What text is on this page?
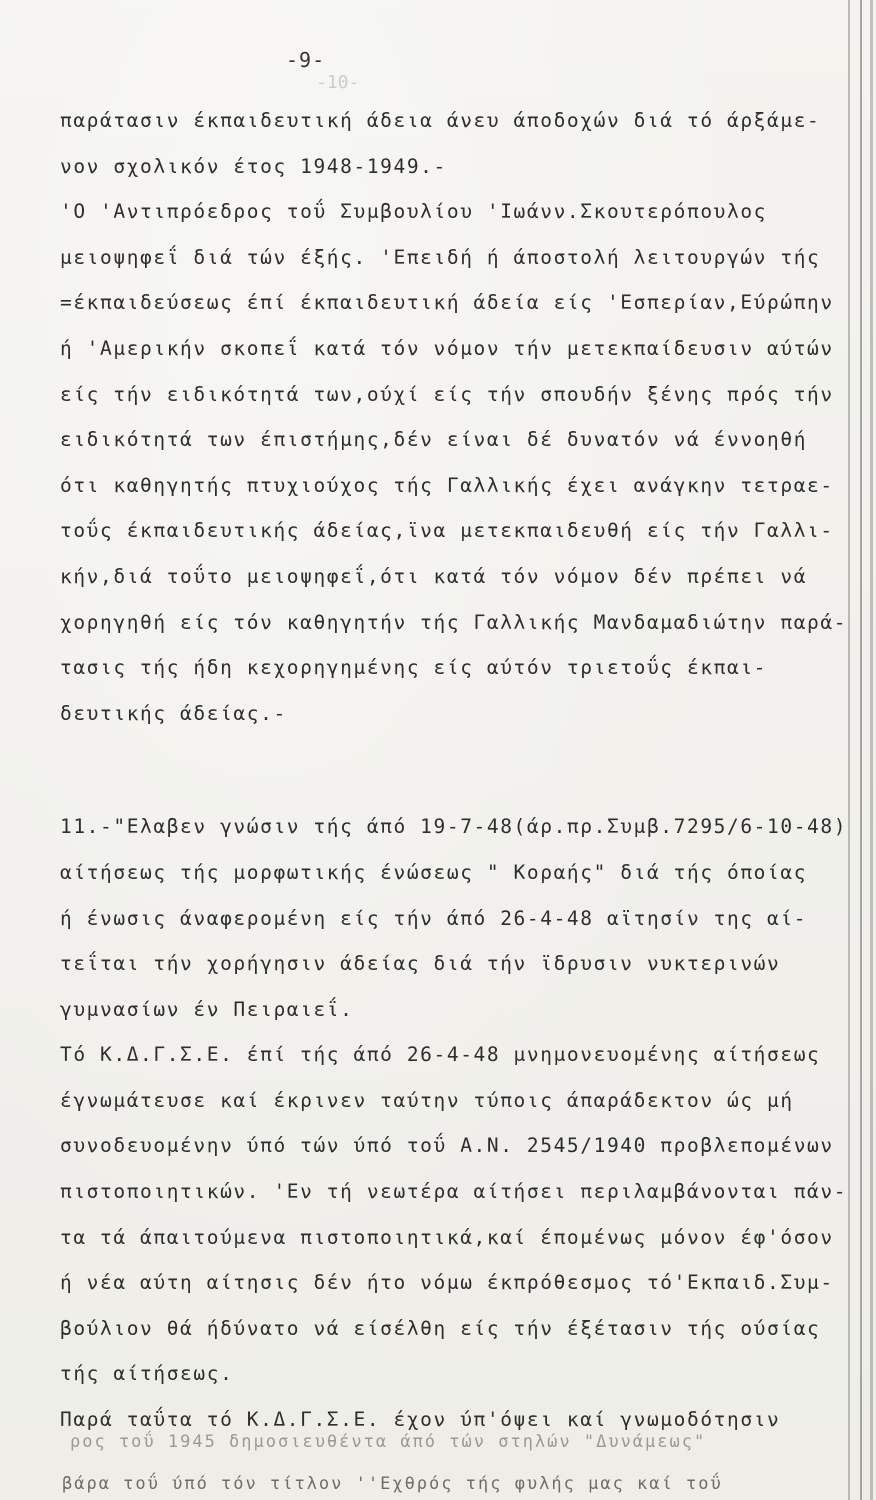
-10-
-9-
παράτασιν έκπαιδευτική άδεια άνευ άποδοχών διά τό άρξάμε-
νον σχολικόν έτος 1948-1949.-
'Ο 'Αντιπρόεδρος τοΰ Συμβουλίου 'Ιωάνν.Σκουτερόπουλος
μειοψηφεΐ διά τών έξής. 'Επειδή ή άποστολή λειτουργών τής
=έκπαιδεύσεως έπί έκπαιδευτική άδεία είς 'Εσπερίαν,Εύρώπην
ή 'Αμερικήν σκοπεΐ κατά τόν νόμον τήν μετεκπαίδευσιν αύτών
είς τήν ειδικότητά των,ούχί είς τήν σπουδήν ξένης πρός τήν
ειδικότητά των έπιστήμης,δέν είναι δέ δυνατόν νά έννοηθή
ότι καθηγητής πτυχιούχος τής Γαλλικής έχει ανάγκην τετραε-
τοΰς έκπαιδευτικής άδείας,ϊνα μετεκπαιδευθή είς τήν Γαλλι-
κήν,διά τοΰτο μειοψηφεΐ,ότι κατά τόν νόμον δέν πρέπει νά
χορηγηθή είς τόν καθηγητήν τής Γαλλικής Μανδαμαδιώτην παρά-
τασις τής ήδη κεχορηγημένης είς αύτόν τριετοΰς έκπαι-
δευτικής άδείας.-
11.-"Ελαβεν γνώσιν τής άπό 19-7-48(άρ.πρ.Συμβ.7295/6-10-48)
αίτήσεως τής μορφωτικής ένώσεως " Κοραής" διά τής όποίας
ή ένωσις άναφερομένη είς τήν άπό 26-4-48 αϊτησίν της αί-
τεΐται τήν χορήγησιν άδείας διά τήν ϊδρυσιν νυκτερινών
γυμνασίων έν Πειραιεΐ.
Τό Κ.Δ.Γ.Σ.Ε. έπί τής άπό 26-4-48 μνημονευομένης αίτήσεως
έγνωμάτευσε καί έκρινεν ταύτην τύποις άπαράδεκτον ώς μή
συνοδευομένην ύπό τών ύπό τοΰ Α.Ν. 2545/1940 προβλεπομένων
πιστοποιητικών. 'Εν τή νεωτέρα αίτήσει περιλαμβάνονται πάν-
τα τά άπαιτούμενα πιστοποιητικά,καί έπομένως μόνον έφ'όσον
ή νέα αύτη αίτησις δέν ήτο νόμω έκπρόθεσμος τό'Εκπαιδ.Συμ-
βούλιον θά ήδύνατο νά είσέλθη είς τήν έξέτασιν τής ούσίας
τής αίτήσεως.
Παρά ταΰτα τό Κ.Δ.Γ.Σ.Ε. έχον ύπ'όψει καί γνωμοδότησιν
ρος τοΰ 1945 δημοσιευθέντα άπό τών στηλών "Δυνάμεως"
βάρα τοΰ ύπό τόν τίτλον ''Εχθρός τής φυλής μας καί τοΰ
